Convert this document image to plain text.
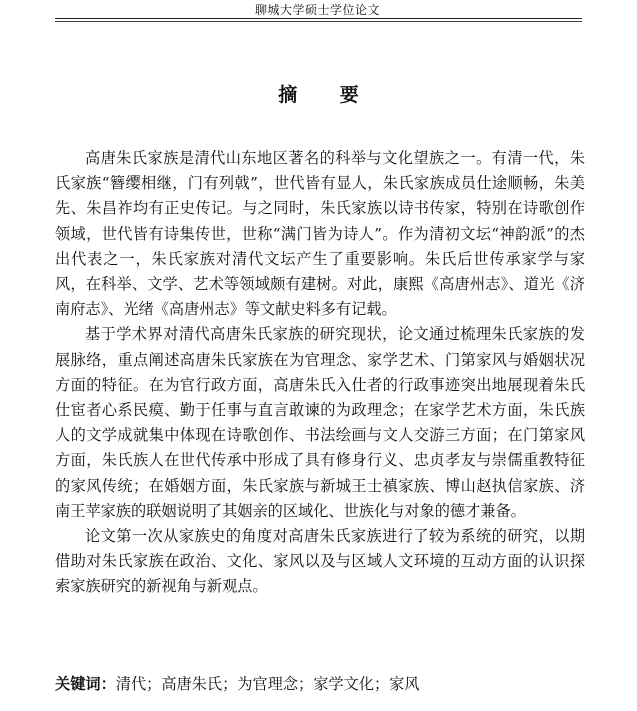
聊城大学硕士学位论文
摘 要

高唐朱氏家族是清代山东地区著名的科举与文化望族之一。有清一代，朱氏家族“簪缨相继，门有列戟”，世代皆有显人，朱氏家族成员仕途顺畅，朱美先、朱昌祚均有正史传记。与之同时，朱氏家族以诗书传家，特别在诗歌创作领域，世代皆有诗集传世，世称“满门皆为诗人”。作为清初文坛“神韵派”的杰出代表之一，朱氏家族对清代文坛产生了重要影响。朱氏后世传承家学与家风，在科举、文学、艺术等领域颇有建树。对此，康熙《高唐州志》、道光《济南府志》、光绪《高唐州志》等文献史料多有记载。

基于学术界对清代高唐朱氏家族的研究现状，论文通过梳理朱氏家族的发展脉络，重点阐述高唐朱氏家族在为官理念、家学艺术、门第家风与婚姻状况方面的特征。在为官行政方面，高唐朱氏入仕者的行政事迹突出地展现着朱氏仕宦者心系民瘼、勤于任事与直言敢谏的为政理念；在家学艺术方面，朱氏族人的文学成就集中体现在诗歌创作、书法绘画与文人交游三方面；在门第家风方面，朱氏族人在世代传承中形成了具有修身行义、忠贞孝友与崇儒重教特征的家风传统；在婚姻方面，朱氏家族与新城王士禛家族、博山赵执信家族、济南王苹家族的联姻说明了其姻亲的区域化、世族化与对象的德才兼备。

论文第一次从家族史的角度对高唐朱氏家族进行了较为系统的研究，以期借助对朱氏家族在政治、文化、家风以及与区域人文环境的互动方面的认识探索家族研究的新视角与新观点。

关键词：清代；高唐朱氏；为官理念；家学文化；家风
